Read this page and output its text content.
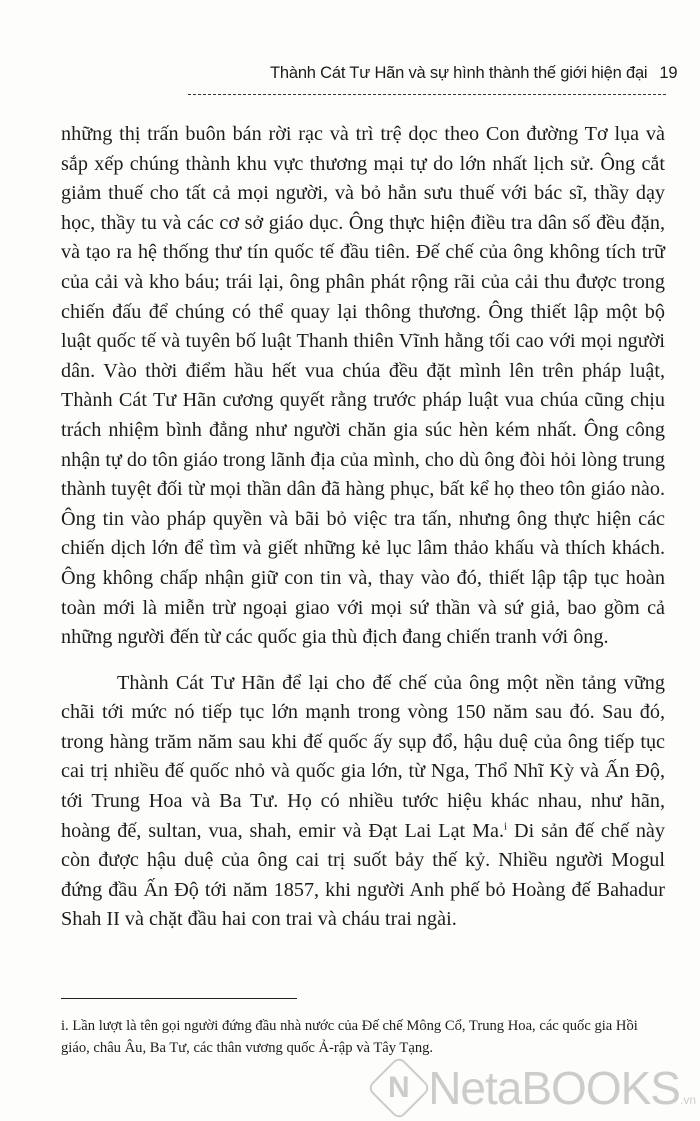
Thành Cát Tư Hãn và sự hình thành thế giới hiện đại 19

những thị trấn buôn bán rời rạc và trì trệ dọc theo Con đường Tơ lụa và sắp xếp chúng thành khu vực thương mại tự do lớn nhất lịch sử. Ông cắt giảm thuế cho tất cả mọi người, và bỏ hẳn sưu thuế với bác sĩ, thầy dạy học, thầy tu và các cơ sở giáo dục. Ông thực hiện điều tra dân số đều đặn, và tạo ra hệ thống thư tín quốc tế đầu tiên. Đế chế của ông không tích trữ của cải và kho báu; trái lại, ông phân phát rộng rãi của cải thu được trong chiến đấu để chúng có thể quay lại thông thương. Ông thiết lập một bộ luật quốc tế và tuyên bố luật Thanh thiên Vĩnh hằng tối cao với mọi người dân. Vào thời điểm hầu hết vua chúa đều đặt mình lên trên pháp luật, Thành Cát Tư Hãn cương quyết rằng trước pháp luật vua chúa cũng chịu trách nhiệm bình đẳng như người chăn gia súc hèn kém nhất. Ông công nhận tự do tôn giáo trong lãnh địa của mình, cho dù ông đòi hỏi lòng trung thành tuyệt đối từ mọi thần dân đã hàng phục, bất kể họ theo tôn giáo nào. Ông tin vào pháp quyền và bãi bỏ việc tra tấn, nhưng ông thực hiện các chiến dịch lớn để tìm và giết những kẻ lục lâm thảo khấu và thích khách. Ông không chấp nhận giữ con tin và, thay vào đó, thiết lập tập tục hoàn toàn mới là miễn trừ ngoại giao với mọi sứ thần và sứ giả, bao gồm cả những người đến từ các quốc gia thù địch đang chiến tranh với ông.

Thành Cát Tư Hãn để lại cho đế chế của ông một nền tảng vững chãi tới mức nó tiếp tục lớn mạnh trong vòng 150 năm sau đó. Sau đó, trong hàng trăm năm sau khi đế quốc ấy sụp đổ, hậu duệ của ông tiếp tục cai trị nhiều đế quốc nhỏ và quốc gia lớn, từ Nga, Thổ Nhĩ Kỳ và Ấn Độ, tới Trung Hoa và Ba Tư. Họ có nhiều tước hiệu khác nhau, như hãn, hoàng đế, sultan, vua, shah, emir và Đạt Lai Lạt Ma.$^i$ Di sản đế chế này còn được hậu duệ của ông cai trị suốt bảy thế kỷ. Nhiều người Mogul đứng đầu Ấn Độ tới năm 1857, khi người Anh phế bỏ Hoàng đế Bahadur Shah II và chặt đầu hai con trai và cháu trai ngài.

i. Lần lượt là tên gọi người đứng đầu nhà nước của Đế chế Mông Cổ, Trung Hoa, các quốc gia Hồi giáo, châu Âu, Ba Tư, các thân vương quốc Ả-rập và Tây Tạng.

N NetaBOOKS .vn
